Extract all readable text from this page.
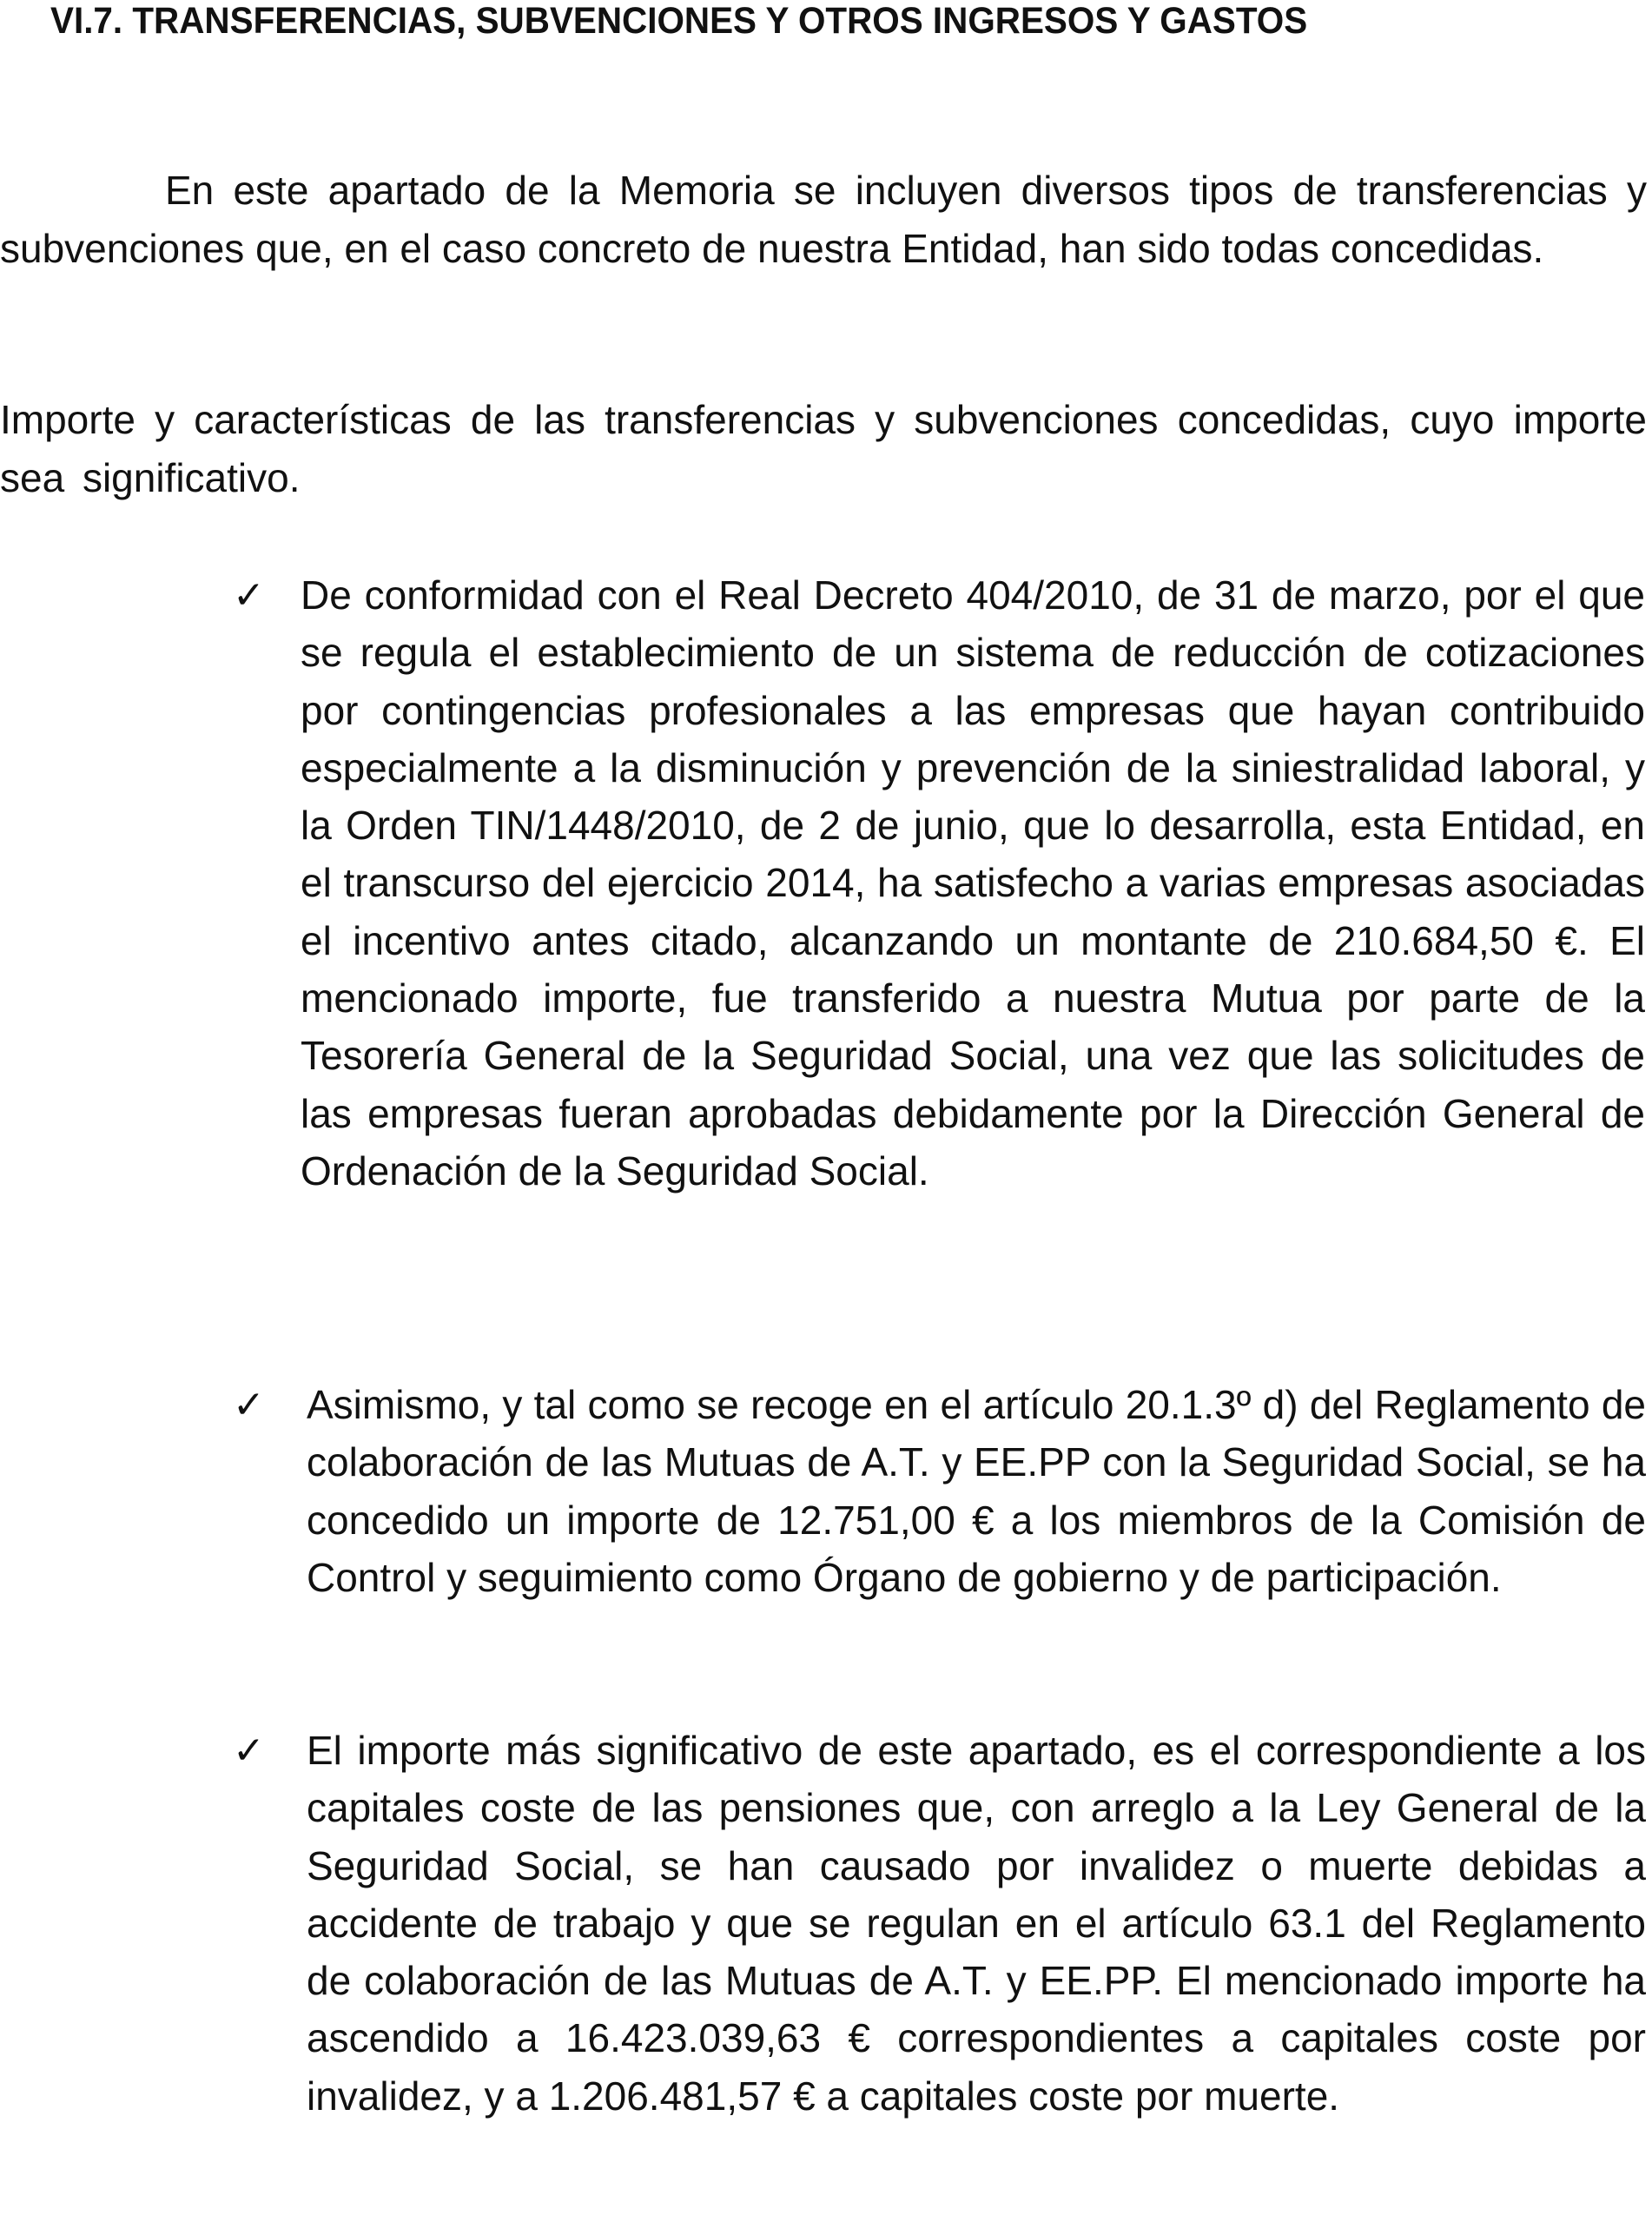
VI.7. TRANSFERENCIAS, SUBVENCIONES Y OTROS INGRESOS Y GASTOS

En este apartado de la Memoria se incluyen diversos tipos de transferencias y subvenciones que, en el caso concreto de nuestra Entidad, han sido todas concedidas.

Importe y características de las transferencias y subvenciones concedidas, cuyo importe sea significativo.

✓ De conformidad con el Real Decreto 404/2010, de 31 de marzo, por el que se regula el establecimiento de un sistema de reducción de cotizaciones por contingencias profesionales a las empresas que hayan contribuido especialmente a la disminución y prevención de la siniestralidad laboral, y la Orden TIN/1448/2010, de 2 de junio, que lo desarrolla, esta Entidad, en el transcurso del ejercicio 2014, ha satisfecho a varias empresas asociadas el incentivo antes citado, alcanzando un montante de 210.684,50 €. El mencionado importe, fue transferido a nuestra Mutua por parte de la Tesorería General de la Seguridad Social, una vez que las solicitudes de las empresas fueran aprobadas debidamente por la Dirección General de Ordenación de la Seguridad Social.
✓ Asimismo, y tal como se recoge en el artículo 20.1.3º d) del Reglamento de colaboración de las Mutuas de A.T. y EE.PP con la Seguridad Social, se ha concedido un importe de 12.751,00 € a los miembros de la Comisión de Control y seguimiento como Órgano de gobierno y de participación.
✓ El importe más significativo de este apartado, es el correspondiente a los capitales coste de las pensiones que, con arreglo a la Ley General de la Seguridad Social, se han causado por invalidez o muerte debidas a accidente de trabajo y que se regulan en el artículo 63.1 del Reglamento de colaboración de las Mutuas de A.T. y EE.PP. El mencionado importe ha ascendido a 16.423.039,63 € correspondientes a capitales coste por invalidez, y a 1.206.481,57 € a capitales coste por muerte.
